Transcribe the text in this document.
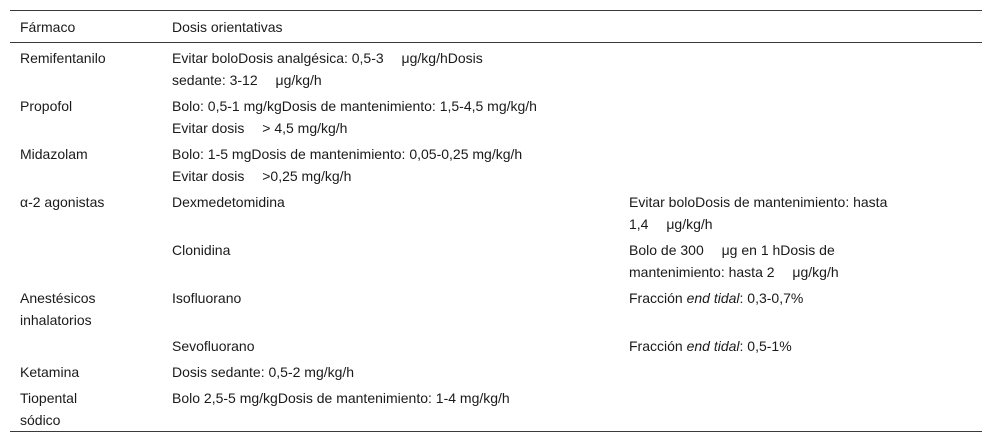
Fármaco	Dosis orientativas	

Remifentanilo	Evitar boloDosis analgésica: 0,5-3  μg/kg/hDosis
sedante: 3-12  μg/kg/h	

Propofol	Bolo: 0,5-1 mg/kgDosis de mantenimiento: 1,5-4,5 mg/kg/h
Evitar dosis  > 4,5 mg/kg/h	

Midazolam	Bolo: 1-5 mgDosis de mantenimiento: 0,05-0,25 mg/kg/h
Evitar dosis  >0,25 mg/kg/h	

α-2 agonistas	Dexmedetomidina	Evitar boloDosis de mantenimiento: hasta
1,4  μg/kg/h

	Clonidina	Bolo de 300  μg en 1 hDosis de
mantenimiento: hasta 2  μg/kg/h

Anestésicos
inhalatorios	Isofluorano	Fracción end tidal: 0,3-0,7%

	Sevofluorano	Fracción end tidal: 0,5-1%

Ketamina	Dosis sedante: 0,5-2 mg/kg/h	

Tiopental
sódico	Bolo 2,5-5 mg/kgDosis de mantenimiento: 1-4 mg/kg/h	
